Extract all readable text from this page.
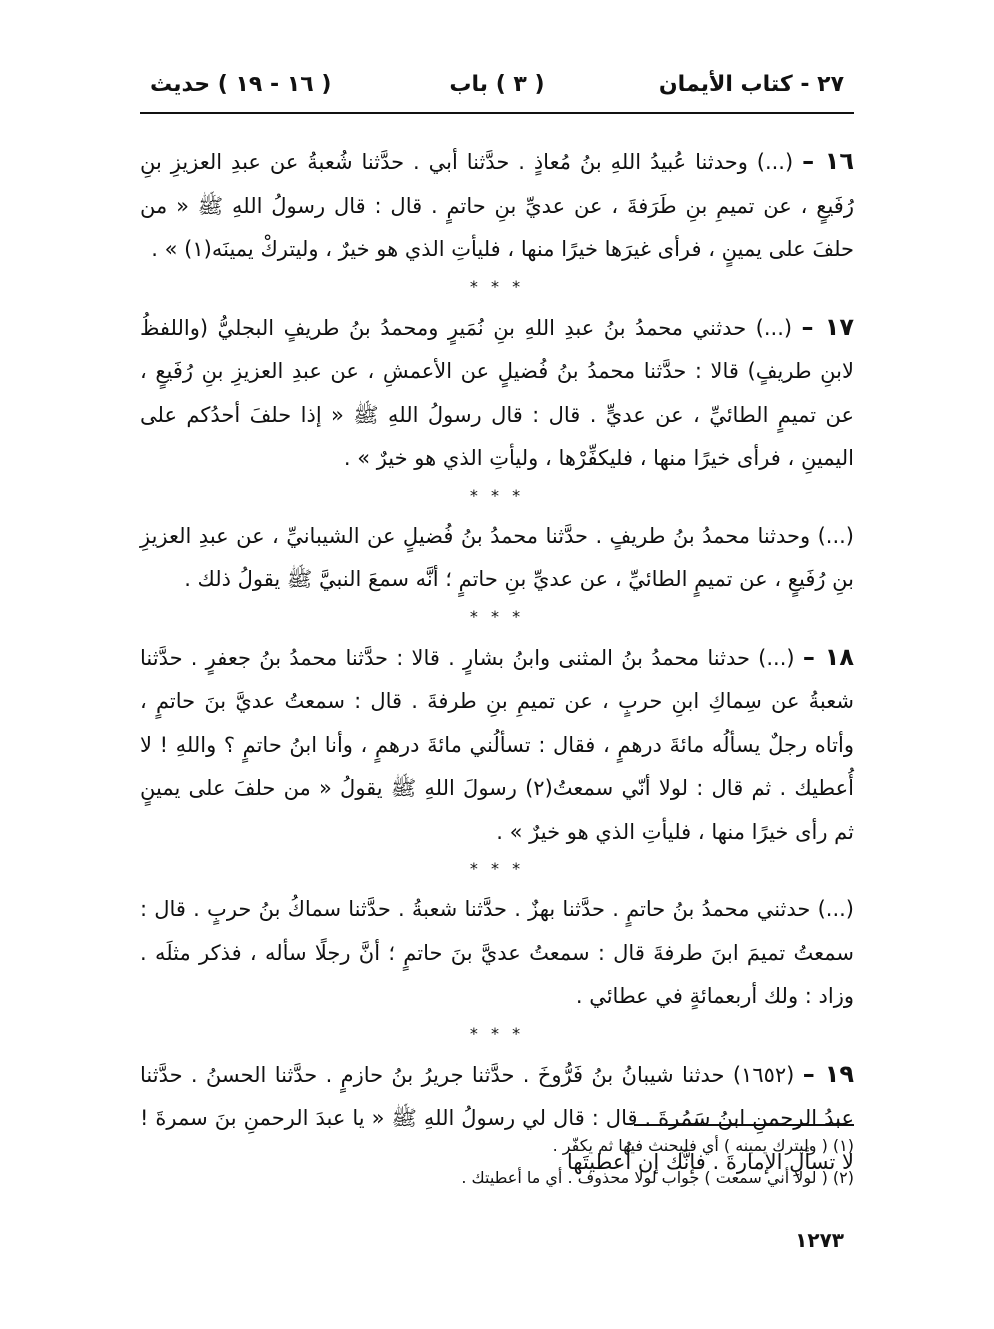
٢٧ - كتاب الأيمان
( ٣ ) باب
( ١٦ - ١٩ ) حديث

١٦ – (...) وحدثنا عُبيدُ اللهِ بنُ مُعاذٍ . حدَّثنا أبي . حدَّثنا شُعبةُ عن عبدِ العزيزِ بنِ رُفَيعٍ ، عن تميمِ بنِ طَرَفةَ ، عن عديِّ بنِ حاتمٍ . قال : قال رسولُ اللهِ ﷺ « من حلفَ على يمينٍ ، فرأى غيرَها خيرًا منها ، فليأتِ الذي هو خيرٌ ، وليتركْ يمينَه(١) » .

* * *

١٧ – (...) حدثني محمدُ بنُ عبدِ اللهِ بنِ نُمَيرٍ ومحمدُ بنُ طريفٍ البجليُّ (واللفظُ لابنِ طريفٍ) قالا : حدَّثنا محمدُ بنُ فُضيلٍ عن الأعمشِ ، عن عبدِ العزيزِ بنِ رُفَيعٍ ، عن تميمٍ الطائيِّ ، عن عديٍّ . قال : قال رسولُ اللهِ ﷺ « إذا حلفَ أحدُكم على اليمينِ ، فرأى خيرًا منها ، فليكفِّرْها ، وليأتِ الذي هو خيرٌ » .

* * *

(...) وحدثنا محمدُ بنُ طريفٍ . حدَّثنا محمدُ بنُ فُضيلٍ عن الشيبانيِّ ، عن عبدِ العزيزِ بنِ رُفَيعٍ ، عن تميمٍ الطائيِّ ، عن عديِّ بنِ حاتمٍ ؛ أنَّه سمعَ النبيَّ ﷺ يقولُ ذلك .

* * *

١٨ – (...) حدثنا محمدُ بنُ المثنى وابنُ بشارٍ . قالا : حدَّثنا محمدُ بنُ جعفرٍ . حدَّثنا شعبةُ عن سِماكِ ابنِ حربٍ ، عن تميمِ بنِ طرفةَ . قال : سمعتُ عديَّ بنَ حاتمٍ ، وأتاه رجلٌ يسألُه مائةَ درهمٍ ، فقال : تسألُني مائةَ درهمٍ ، وأنا ابنُ حاتمٍ ؟ واللهِ ! لا أُعطيك . ثم قال : لولا أنّي سمعتُ(٢) رسولَ اللهِ ﷺ يقولُ « من حلفَ على يمينٍ ثم رأى خيرًا منها ، فليأتِ الذي هو خيرٌ » .

* * *

(...) حدثني محمدُ بنُ حاتمٍ . حدَّثنا بهزٌ . حدَّثنا شعبةُ . حدَّثنا سماكُ بنُ حربٍ . قال : سمعتُ تميمَ ابنَ طرفةَ قال : سمعتُ عديَّ بنَ حاتمٍ ؛ أنَّ رجلًا سأله ، فذكر مثلَه . وزاد : ولك أربعمائةٍ في عطائي .

* * *

١٩ – (١٦٥٢) حدثنا شيبانُ بنُ فَرُّوخَ . حدَّثنا جريرُ بنُ حازمٍ . حدَّثنا الحسنُ . حدَّثنا عبدُ الرحمنِ ابنُ سَمُرةَ . قال : قال لي رسولُ اللهِ ﷺ « يا عبدَ الرحمنِ بنَ سمرةَ ! لا تسألِ الإمارةَ . فإنَّك إن أُعطيتَها

(١) ( وليترك يمينه ) أي فليحنث فيها ثم يكفّر .
(٢) ( لولا أني سمعت ) جواب لولا محذوف . أي ما أعطيتك .
١٢٧٣
